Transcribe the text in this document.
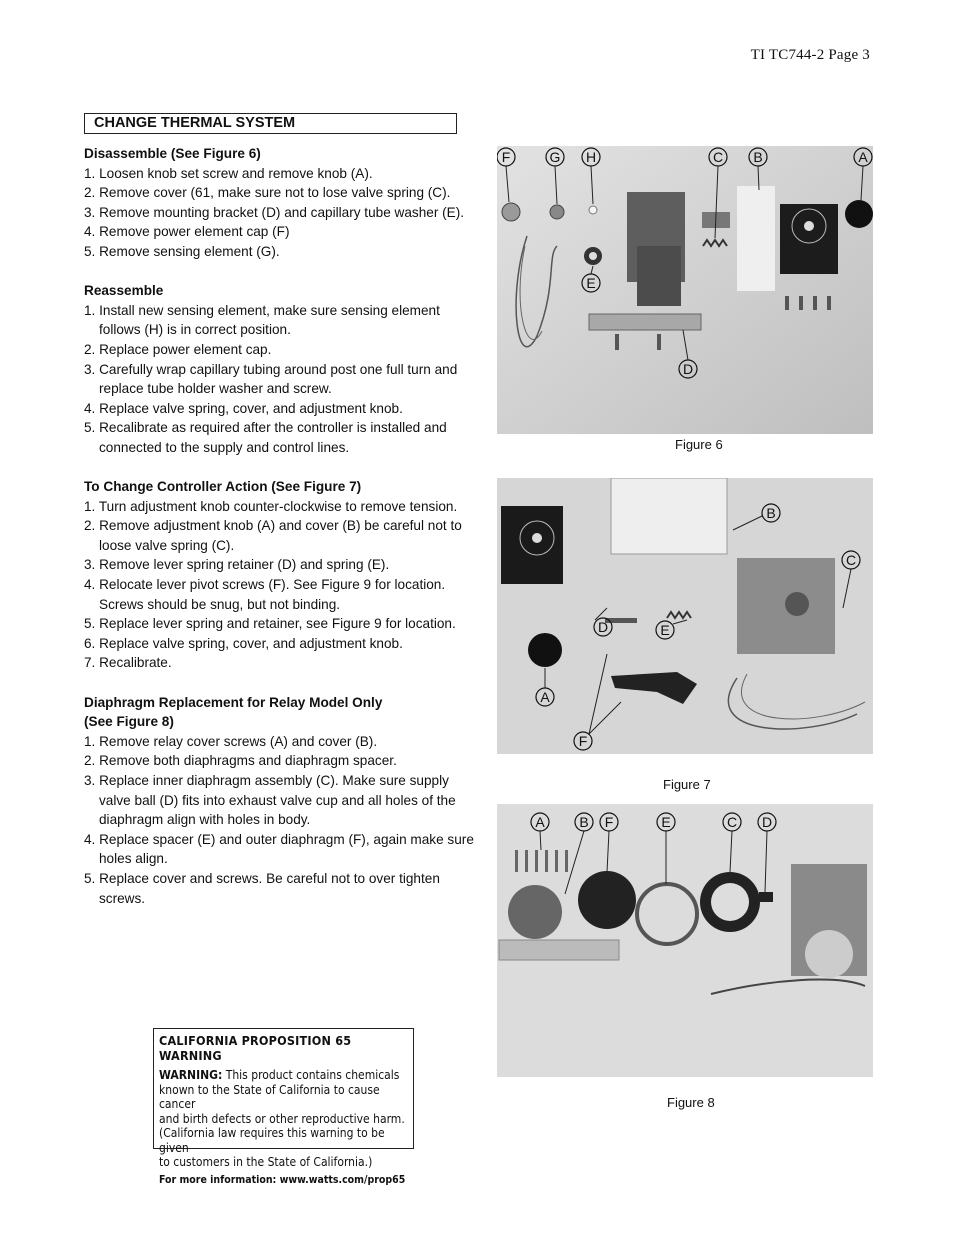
TI TC744-2 Page 3
CHANGE THERMAL SYSTEM

Disassemble (See Figure 6)

1. Loosen knob set screw and remove knob (A).
2. Remove cover (61, make sure not to lose valve spring (C).
3. Remove mounting bracket (D) and capillary tube washer (E).
4. Remove power element cap (F)
5. Remove sensing element (G).

Reassemble

1. Install new sensing element, make sure sensing element follows (H) is in correct position.
2. Replace power element cap.
3. Carefully wrap capillary tubing around post one full turn and replace tube holder washer and screw.
4. Replace valve spring, cover, and adjustment knob.
5. Recalibrate as required after the controller is installed and connected to the supply and control lines.

To Change Controller Action (See Figure 7)

1. Turn adjustment knob counter-clockwise to remove tension.
2. Remove adjustment knob (A) and cover (B) be careful not to loose valve spring (C).
3. Remove lever spring retainer (D) and spring (E).
4. Relocate lever pivot screws (F). See Figure 9 for location. Screws should be snug, but not binding.
5. Replace lever spring and retainer, see Figure 9 for location.
6. Replace valve spring, cover, and adjustment knob.
7. Recalibrate.

Diaphragm Replacement for Relay Model Only

(See Figure 8)

1. Remove relay cover screws (A) and cover (B).
2. Remove both diaphragms and diaphragm spacer.
3. Replace inner diaphragm assembly (C). Make sure supply valve ball (D) fits into exhaust valve cup and all holes of the diaphragm align with holes in body.
4. Replace spacer (E) and outer diaphragm (F), again make sure holes align.
5. Replace cover and screws. Be careful not to over tighten screws.
F	G H	C B	A
E
D
Figure 6
B
C
D	E
A
F
Figure 7
A B F	E	C D
Figure 8
CALIFORNIA PROPOSITION 65 WARNING
WARNING: This product contains chemicals
known to the State of California to cause cancer
and birth defects or other reproductive harm.
(California law requires this warning to be given
to customers in the State of California.)
For more information: www.watts.com/prop65
